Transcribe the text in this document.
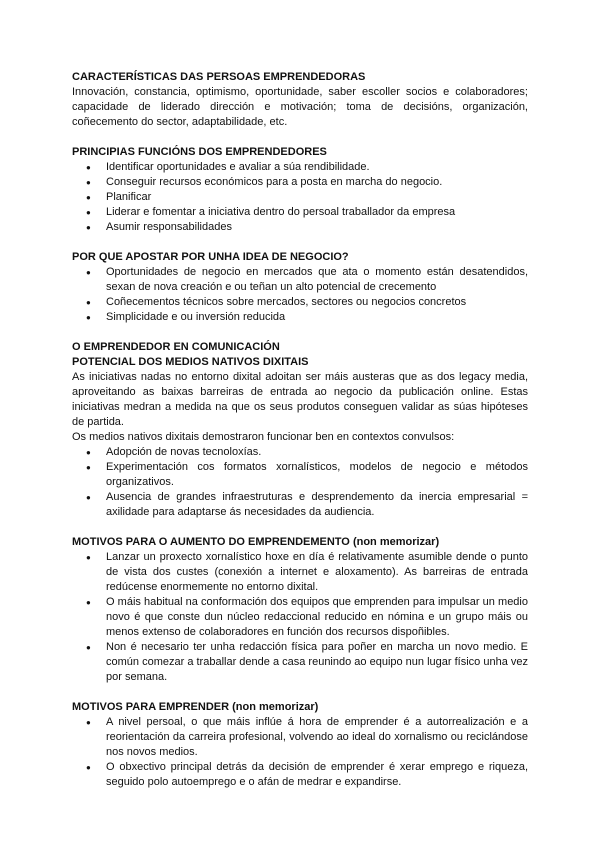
CARACTERÍSTICAS DAS PERSOAS EMPRENDEDORAS

Innovación, constancia, optimismo, oportunidade, saber escoller socios e colaboradores; capacidade de liderado dirección e motivación; toma de decisións, organización, coñecemento do sector, adaptabilidade, etc.

PRINCIPIAS FUNCIÓNS DOS EMPRENDEDORES

● Identificar oportunidades e avaliar a súa rendibilidade.
● Conseguir recursos económicos para a posta en marcha do negocio.
● Planificar
● Liderar e fomentar a iniciativa dentro do persoal traballador da empresa
● Asumir responsabilidades

POR QUE APOSTAR POR UNHA IDEA DE NEGOCIO?

● Oportunidades de negocio en mercados que ata o momento están desatendidos, sexan de nova creación e ou teñan un alto potencial de crecemento
● Coñecementos técnicos sobre mercados, sectores ou negocios concretos
● Simplicidade e ou inversión reducida

O EMPRENDEDOR EN COMUNICACIÓN

POTENCIAL DOS MEDIOS NATIVOS DIXITAIS

As iniciativas nadas no entorno dixital adoitan ser máis austeras que as dos legacy media, aproveitando as baixas barreiras de entrada ao negocio da publicación online. Estas iniciativas medran a medida na que os seus produtos conseguen validar as súas hipóteses de partida.

Os medios nativos dixitais demostraron funcionar ben en contextos convulsos:

● Adopción de novas tecnoloxías.
● Experimentación cos formatos xornalísticos, modelos de negocio e métodos organizativos.
● Ausencia de grandes infraestruturas e desprendemento da inercia empresarial = axilidade para adaptarse ás necesidades da audiencia.

MOTIVOS PARA O AUMENTO DO EMPRENDEMENTO (non memorizar)

● Lanzar un proxecto xornalístico hoxe en día é relativamente asumible dende o punto de vista dos custes (conexión a internet e aloxamento). As barreiras de entrada redúcense enormemente no entorno dixital.
● O máis habitual na conformación dos equipos que emprenden para impulsar un medio novo é que conste dun núcleo redaccional reducido en nómina e un grupo máis ou menos extenso de colaboradores en función dos recursos dispoñibles.
● Non é necesario ter unha redacción física para poñer en marcha un novo medio. E común comezar a traballar dende a casa reunindo ao equipo nun lugar físico unha vez por semana.

MOTIVOS PARA EMPRENDER (non memorizar)

● A nivel persoal, o que máis inflúe á hora de emprender é a autorrealización e a reorientación da carreira profesional, volvendo ao ideal do xornalismo ou reciclándose nos novos medios.
● O obxectivo principal detrás da decisión de emprender é xerar emprego e riqueza, seguido polo autoemprego e o afán de medrar e expandirse.
